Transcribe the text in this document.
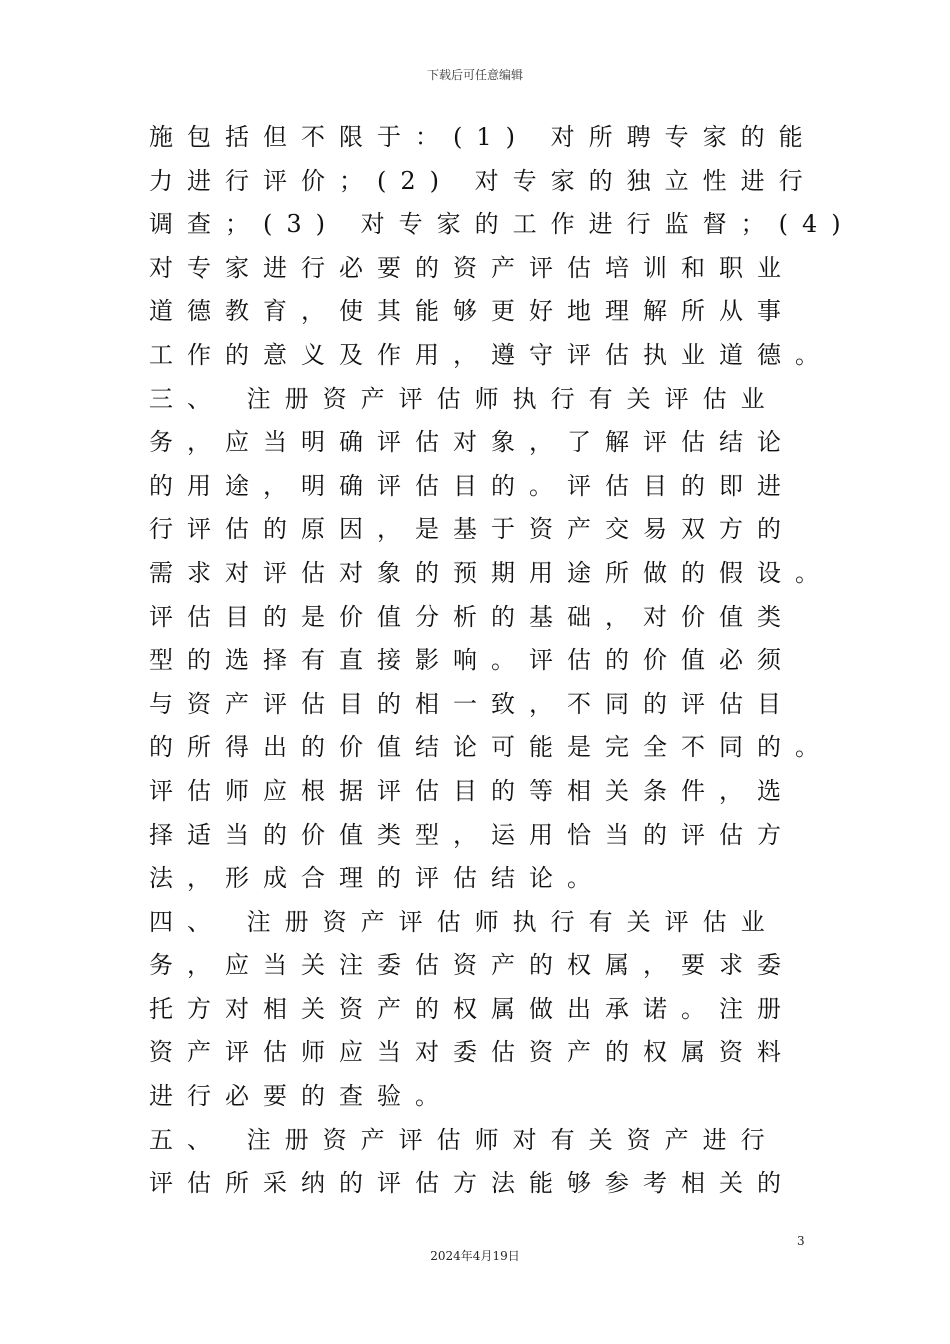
下载后可任意编辑
施包括但不限于：(1) 对所聘专家的能
力进行评价；(2) 对专家的独立性进行
调查；(3) 对专家的工作进行监督；(4)
对专家进行必要的资产评估培训和职业
道德教育，使其能够更好地理解所从事
工作的意义及作用，遵守评估执业道德。
三、 注册资产评估师执行有关评估业
务，应当明确评估对象，了解评估结论
的用途，明确评估目的。评估目的即进
行评估的原因，是基于资产交易双方的
需求对评估对象的预期用途所做的假设。
评估目的是价值分析的基础，对价值类
型的选择有直接影响。评估的价值必须
与资产评估目的相一致，不同的评估目
的所得出的价值结论可能是完全不同的。
评估师应根据评估目的等相关条件，选
择适当的价值类型，运用恰当的评估方
法，形成合理的评估结论。
四、 注册资产评估师执行有关评估业
务，应当关注委估资产的权属，要求委
托方对相关资产的权属做出承诺。注册
资产评估师应当对委估资产的权属资料
进行必要的查验。
五、 注册资产评估师对有关资产进行
评估所采纳的评估方法能够参考相关的
3
2024年4月19日
